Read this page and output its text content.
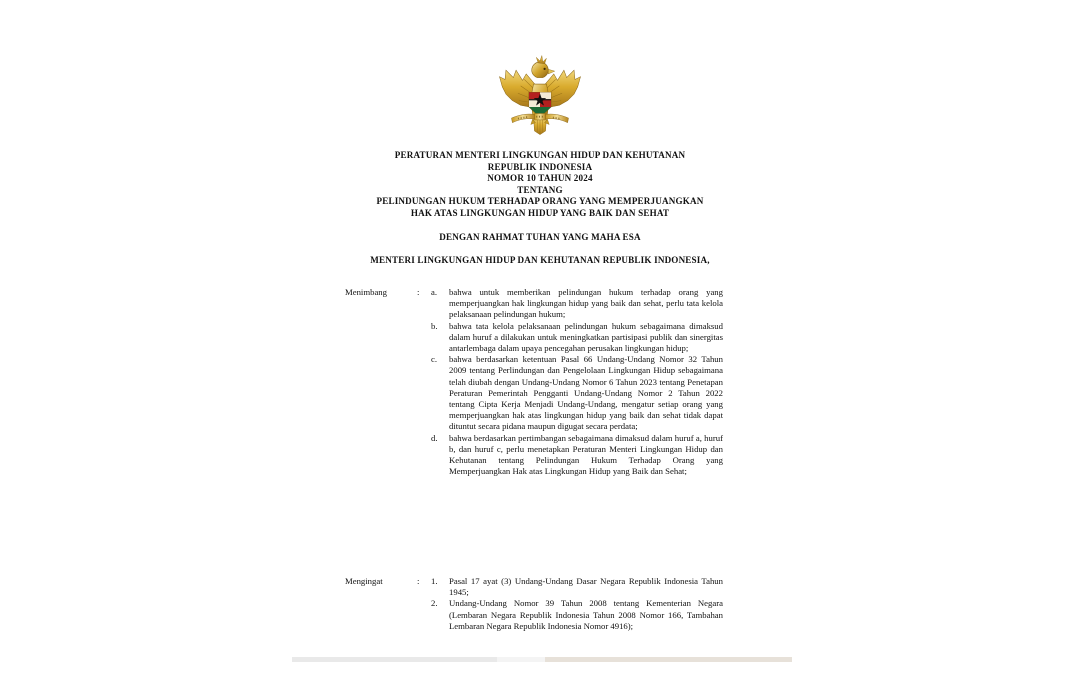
PERATURAN MENTERI LINGKUNGAN HIDUP DAN KEHUTANAN
REPUBLIK INDONESIA
NOMOR 10 TAHUN 2024
TENTANG
PELINDUNGAN HUKUM TERHADAP ORANG YANG MEMPERJUANGKAN
HAK ATAS LINGKUNGAN HIDUP YANG BAIK DAN SEHAT
DENGAN RAHMAT TUHAN YANG MAHA ESA
MENTERI LINGKUNGAN HIDUP DAN KEHUTANAN REPUBLIK INDONESIA,
Menimbang	:	a.	bahwa untuk memberikan pelindungan hukum terhadap orang yang memperjuangkan hak lingkungan hidup yang baik dan sehat, perlu tata kelola pelaksanaan pelindungan hukum;
b.	bahwa tata kelola pelaksanaan pelindungan hukum sebagaimana dimaksud dalam huruf a dilakukan untuk meningkatkan partisipasi publik dan sinergitas antarlembaga dalam upaya pencegahan perusakan lingkungan hidup;
c.	bahwa berdasarkan ketentuan Pasal 66 Undang-Undang Nomor 32 Tahun 2009 tentang Perlindungan dan Pengelolaan Lingkungan Hidup sebagaimana telah diubah dengan Undang-Undang Nomor 6 Tahun 2023 tentang Penetapan Peraturan Pemerintah Pengganti Undang-Undang Nomor 2 Tahun 2022 tentang Cipta Kerja Menjadi Undang-Undang, mengatur setiap orang yang memperjuangkan hak atas lingkungan hidup yang baik dan sehat tidak dapat dituntut secara pidana maupun digugat secara perdata;
d.	bahwa berdasarkan pertimbangan sebagaimana dimaksud dalam huruf a, huruf b, dan huruf c, perlu menetapkan Peraturan Menteri Lingkungan Hidup dan Kehutanan tentang Pelindungan Hukum Terhadap Orang yang Memperjuangkan Hak atas Lingkungan Hidup yang Baik dan Sehat;
Mengingat	:	1.	Pasal 17 ayat (3) Undang-Undang Dasar Negara Republik Indonesia Tahun 1945;
2.	Undang-Undang Nomor 39 Tahun 2008 tentang Kementerian Negara (Lembaran Negara Republik Indonesia Tahun 2008 Nomor 166, Tambahan Lembaran Negara Republik Indonesia Nomor 4916);
